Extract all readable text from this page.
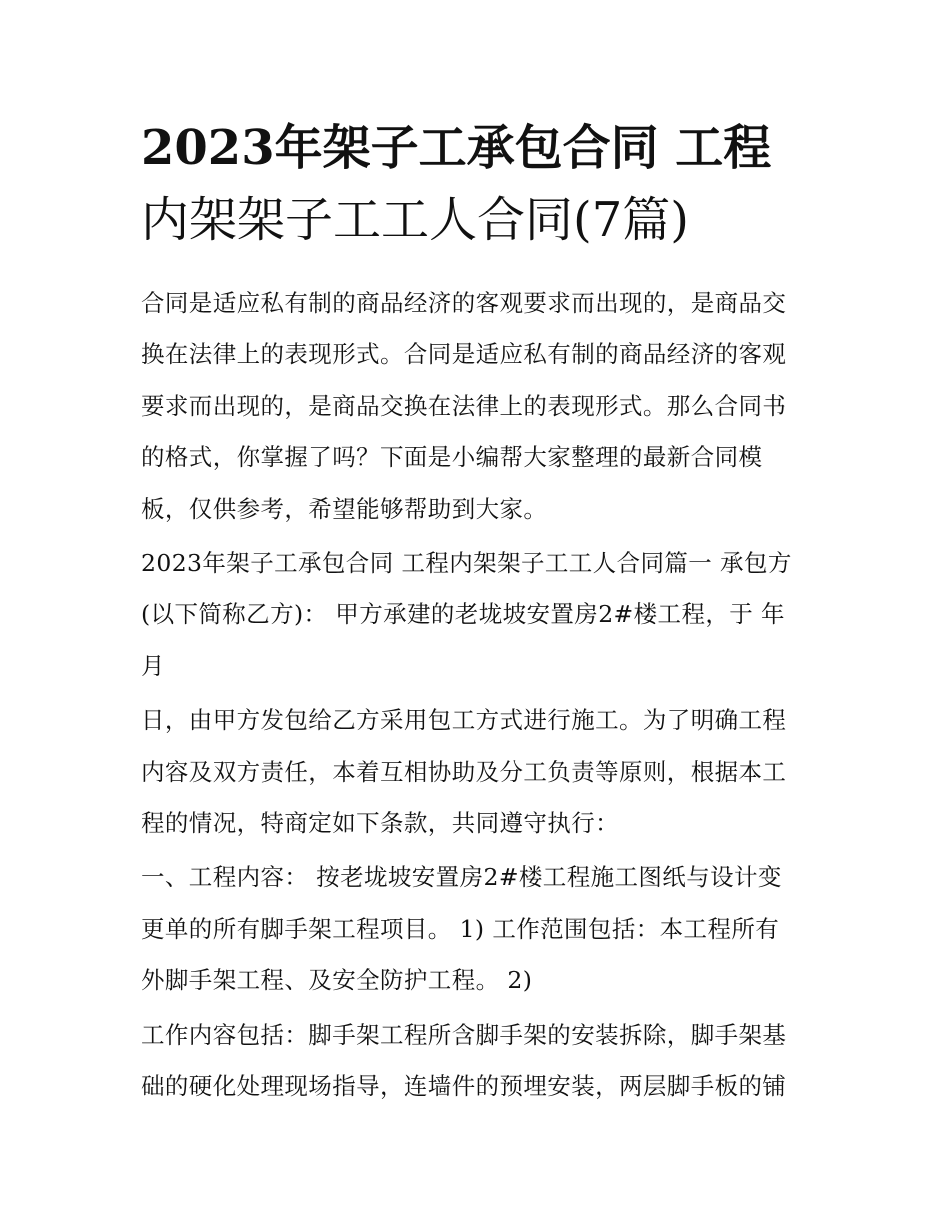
2023年架子工承包合同 工程
内架架子工工人合同(7篇)

合同是适应私有制的商品经济的客观要求而出现的，是商品交
换在法律上的表现形式。合同是适应私有制的商品经济的客观
要求而出现的，是商品交换在法律上的表现形式。那么合同书
的格式，你掌握了吗？下面是小编帮大家整理的最新合同模
板，仅供参考，希望能够帮助到大家。

2023年架子工承包合同 工程内架架子工工人合同篇一 承包方
(以下简称乙方)： 甲方承建的老垅坡安置房2#楼工程，于 年
月

日，由甲方发包给乙方采用包工方式进行施工。为了明确工程
内容及双方责任，本着互相协助及分工负责等原则，根据本工
程的情况，特商定如下条款，共同遵守执行：

一、工程内容： 按老垅坡安置房2#楼工程施工图纸与设计变
更单的所有脚手架工程项目。 1) 工作范围包括：本工程所有
外脚手架工程、及安全防护工程。 2)

工作内容包括：脚手架工程所含脚手架的安装拆除，脚手架基
础的硬化处理现场指导，连墙件的预埋安装，两层脚手板的铺
